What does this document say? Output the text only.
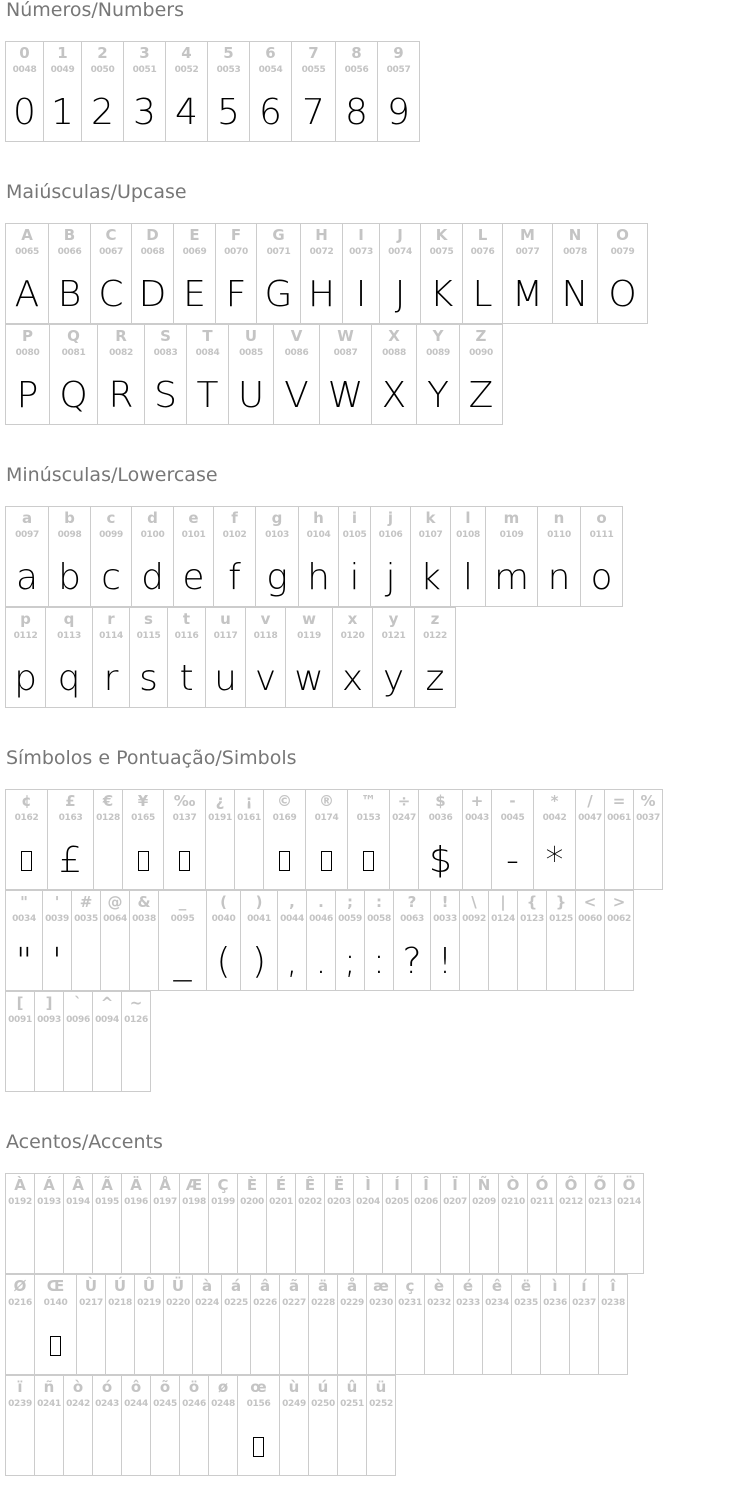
Números/Numbers
0
0048
0
1
0049
1
2
0050
2
3
0051
3
4
0052
4
5
0053
5
6
0054
6
7
0055
7
8
0056
8
9
0057
9
Maiúsculas/Upcase
A
0065
A
B
0066
B
C
0067
C
D
0068
D
E
0069
E
F
0070
F
G
0071
G
H
0072
H
I
0073
I
J
0074
J
K
0075
K
L
0076
L
M
0077
M
N
0078
N
O
0079
O
P
0080
P
Q
0081
Q
R
0082
R
S
0083
S
T
0084
T
U
0085
U
V
0086
V
W
0087
W
X
0088
X
Y
0089
Y
Z
0090
Z
Minúsculas/Lowercase
a
0097
a
b
0098
b
c
0099
c
d
0100
d
e
0101
e
f
0102
f
g
0103
g
h
0104
h
i
0105
i
j
0106
j
k
0107
k
l
0108
l
m
0109
m
n
0110
n
o
0111
o
p
0112
p
q
0113
q
r
0114
r
s
0115
s
t
0116
t
u
0117
u
v
0118
v
w
0119
w
x
0120
x
y
0121
y
z
0122
z
Símbolos e Pontuação/Simbols
¢
0162
£
0163
£
€
0128
¥
0165
‰
0137
¿
0191
¡
0161
©
0169
®
0174
™
0153
÷
0247
$
0036
$
+
0043
-
0045
-
*
0042
*
/
0047
=
0061
%
0037
"
0034
"
'
0039
'
#
0035
@
0064
&
0038
_
0095
_
(
0040
(
)
0041
)
,
0044
,
.
0046
.
;
0059
;
:
0058
:
?
0063
?
!
0033
!
\
0092
|
0124
{
0123
}
0125
<
0060
>
0062
[
0091
]
0093
`
0096
^
0094
~
0126
Acentos/Accents
À
0192
Á
0193
Â
0194
Ã
0195
Ä
0196
Å
0197
Æ
0198
Ç
0199
È
0200
É
0201
Ê
0202
Ë
0203
Ì
0204
Í
0205
Î
0206
Ï
0207
Ñ
0209
Ò
0210
Ó
0211
Ô
0212
Õ
0213
Ö
0214
Ø
0216
Œ
0140
Ù
0217
Ú
0218
Û
0219
Ü
0220
à
0224
á
0225
â
0226
ã
0227
ä
0228
å
0229
æ
0230
ç
0231
è
0232
é
0233
ê
0234
ë
0235
ì
0236
í
0237
î
0238
ï
0239
ñ
0241
ò
0242
ó
0243
ô
0244
õ
0245
ö
0246
ø
0248
œ
0156
ù
0249
ú
0250
û
0251
ü
0252
